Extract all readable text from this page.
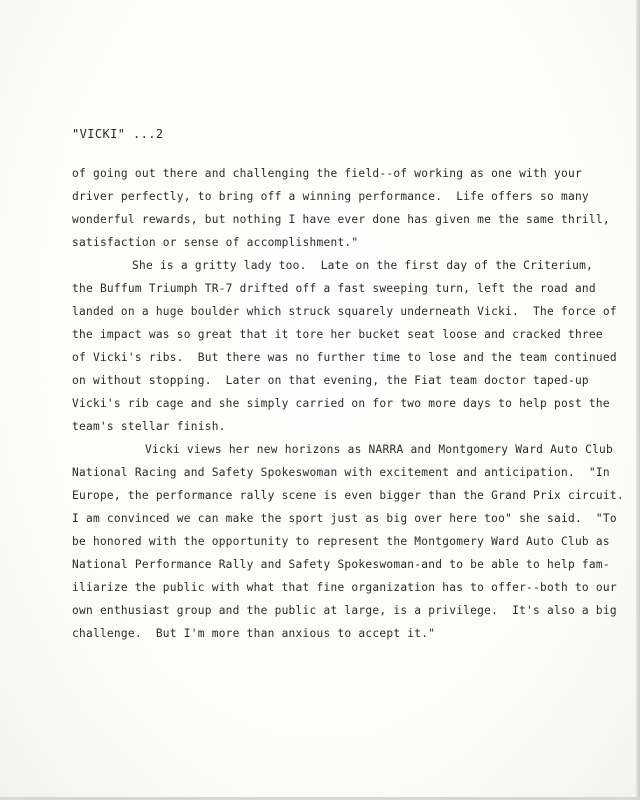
"VICKI" ...2
of going out there and challenging the field--of working as one with your
driver perfectly, to bring off a winning performance.  Life offers so many
wonderful rewards, but nothing I have ever done has given me the same thrill,
satisfaction or sense of accomplishment."
She is a gritty lady too.  Late on the first day of the Criterium,
the Buffum Triumph TR-7 drifted off a fast sweeping turn, left the road and
landed on a huge boulder which struck squarely underneath Vicki.  The force of
the impact was so great that it tore her bucket seat loose and cracked three
of Vicki's ribs.  But there was no further time to lose and the team continued
on without stopping.  Later on that evening, the Fiat team doctor taped-up
Vicki's rib cage and she simply carried on for two more days to help post the
team's stellar finish.
Vicki views her new horizons as NARRA and Montgomery Ward Auto Club
National Racing and Safety Spokeswoman with excitement and anticipation.  "In
Europe, the performance rally scene is even bigger than the Grand Prix circuit.
I am convinced we can make the sport just as big over here too" she said.  "To
be honored with the opportunity to represent the Montgomery Ward Auto Club as
National Performance Rally and Safety Spokeswoman-and to be able to help fam-
iliarize the public with what that fine organization has to offer--both to our
own enthusiast group and the public at large, is a privilege.  It's also a big
challenge.  But I'm more than anxious to accept it."
